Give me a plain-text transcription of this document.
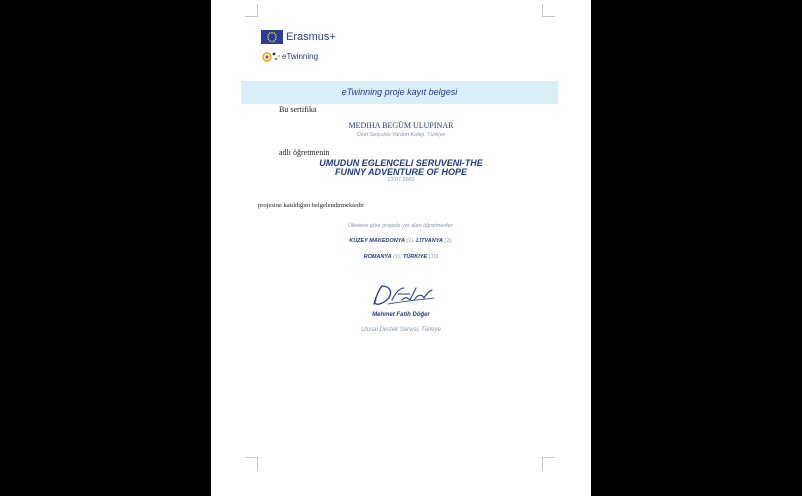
Erasmus+
eTwinning
eTwinning proje kayıt belgesi
Bu sertifika
MEDIHA BEGÜM ULUPINAR
Özel Selçuklu Yardım Koleji, Türkiye
adlı öğretmenin
UMUDUN EGLENCELI SERUVENI-THE
FUNNY ADVENTURE OF HOPE
13.07.2022
projesine katıldığını belgelendirmektedir
Ülkelere göre projede yer alan öğretmenler:
KUZEY MAKEDONYA (1), LITVANYA (1),
ROMANYA (1), TÜRKIYE (10)
Mehmet Fatih Döğer
Ulusal Destek Servisi, Türkiye
